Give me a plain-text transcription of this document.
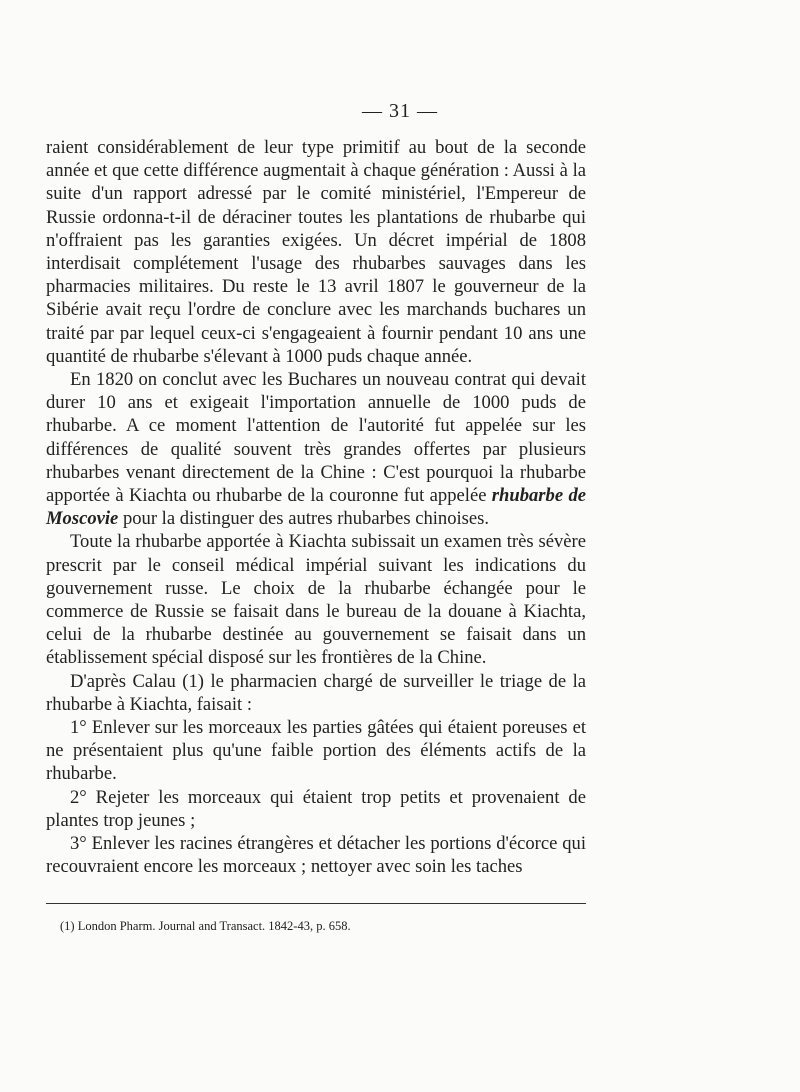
— 31 —

raient considérablement de leur type primitif au bout de la seconde année et que cette différence augmentait à chaque génération : Aussi à la suite d'un rapport adressé par le comité ministériel, l'Empereur de Russie ordonna-t-il de déraciner toutes les plantations de rhubarbe qui n'offraient pas les garanties exigées. Un décret impérial de 1808 interdisait complétement l'usage des rhubarbes sauvages dans les pharmacies militaires. Du reste le 13 avril 1807 le gouverneur de la Sibérie avait reçu l'ordre de conclure avec les marchands buchares un traité par par lequel ceux-ci s'engageaient à fournir pendant 10 ans une quantité de rhubarbe s'élevant à 1000 puds chaque année.

En 1820 on conclut avec les Buchares un nouveau contrat qui devait durer 10 ans et exigeait l'importation annuelle de 1000 puds de rhubarbe. A ce moment l'attention de l'autorité fut appelée sur les différences de qualité souvent très grandes offertes par plusieurs rhubarbes venant directement de la Chine : C'est pourquoi la rhubarbe apportée à Kiachta ou rhubarbe de la couronne fut appelée rhubarbe de Moscovie pour la distinguer des autres rhubarbes chinoises.

Toute la rhubarbe apportée à Kiachta subissait un examen très sévère prescrit par le conseil médical impérial suivant les indications du gouvernement russe. Le choix de la rhubarbe échangée pour le commerce de Russie se faisait dans le bureau de la douane à Kiachta, celui de la rhubarbe destinée au gouvernement se faisait dans un établissement spécial disposé sur les frontières de la Chine.

D'après Calau (1) le pharmacien chargé de surveiller le triage de la rhubarbe à Kiachta, faisait :

1° Enlever sur les morceaux les parties gâtées qui étaient poreuses et ne présentaient plus qu'une faible portion des éléments actifs de la rhubarbe.

2° Rejeter les morceaux qui étaient trop petits et provenaient de plantes trop jeunes ;

3° Enlever les racines étrangères et détacher les portions d'écorce qui recouvraient encore les morceaux ; nettoyer avec soin les taches

(1) London Pharm. Journal and Transact. 1842-43, p. 658.
